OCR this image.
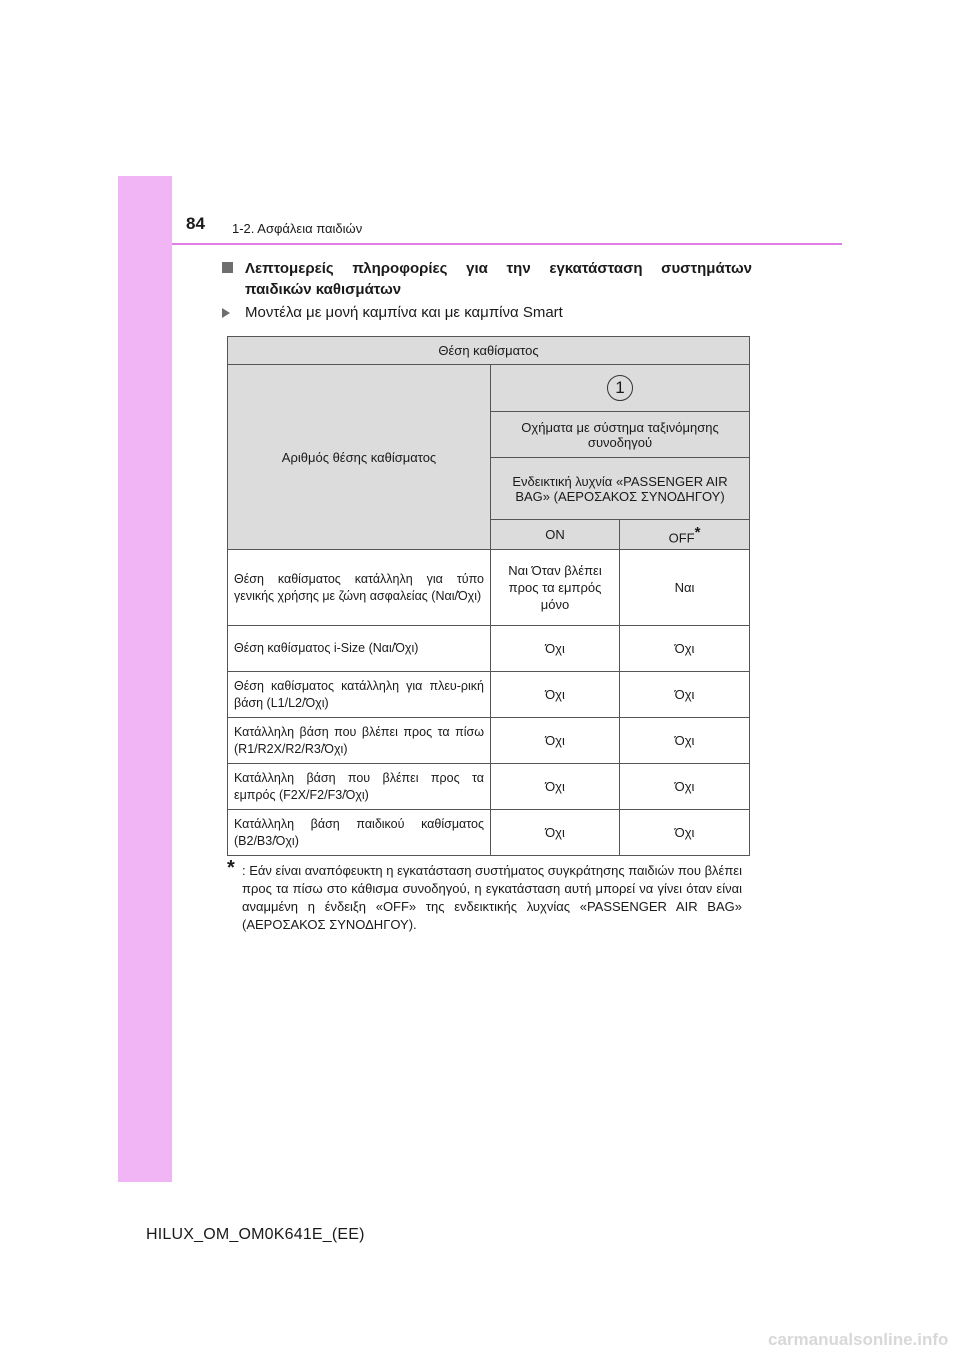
84 1-2. Ασφάλεια παιδιών
Λεπτομερείς πληροφορίες για την εγκατάσταση συστημάτων
παιδικών καθισμάτων
Μοντέλα με μονή καμπίνα και με καμπίνα Smart
Θέση καθίσματος		
Αριθμός θέσης καθίσματος	1	
	Οχήματα με σύστημα ταξινόμησης συνοδηγού	
	Ενδεικτική λυχνία «PASSENGER AIR BAG» (ΑΕΡΟΣΑΚΟΣ ΣΥΝΟΔΗΓΟΥ)	
	ON	OFF*
Θέση καθίσματος κατάλληλη για τύπο γενικής χρήσης με ζώνη ασφαλείας (Ναι/Όχι)	Ναι Όταν βλέπει προς τα εμπρός μόνο	Ναι
Θέση καθίσματος i-Size (Ναι/Όχι)	Όχι	Όχι
Θέση καθίσματος κατάλληλη για πλευ-ρική βάση (L1/L2/Όχι)	Όχι	Όχι
Κατάλληλη βάση που βλέπει προς τα πίσω (R1/R2X/R2/R3/Όχι)	Όχι	Όχι
Κατάλληλη βάση που βλέπει προς τα εμπρός (F2X/F2/F3/Όχι)	Όχι	Όχι
Κατάλληλη βάση παιδικού καθίσματος (B2/B3/Όχι)	Όχι	Όχι
* : Εάν είναι αναπόφευκτη η εγκατάσταση συστήματος συγκράτησης παιδιών που βλέπει προς τα πίσω στο κάθισμα συνοδηγού, η εγκατάσταση αυτή μπορεί να γίνει όταν είναι αναμμένη η ένδειξη «OFF» της ενδεικτικής λυχνίας «PASSENGER AIR BAG» (ΑΕΡΟΣΑΚΟΣ ΣΥΝΟΔΗΓΟΥ).
HILUX_OM_OM0K641E_(EE)
carmanualsonline.info
